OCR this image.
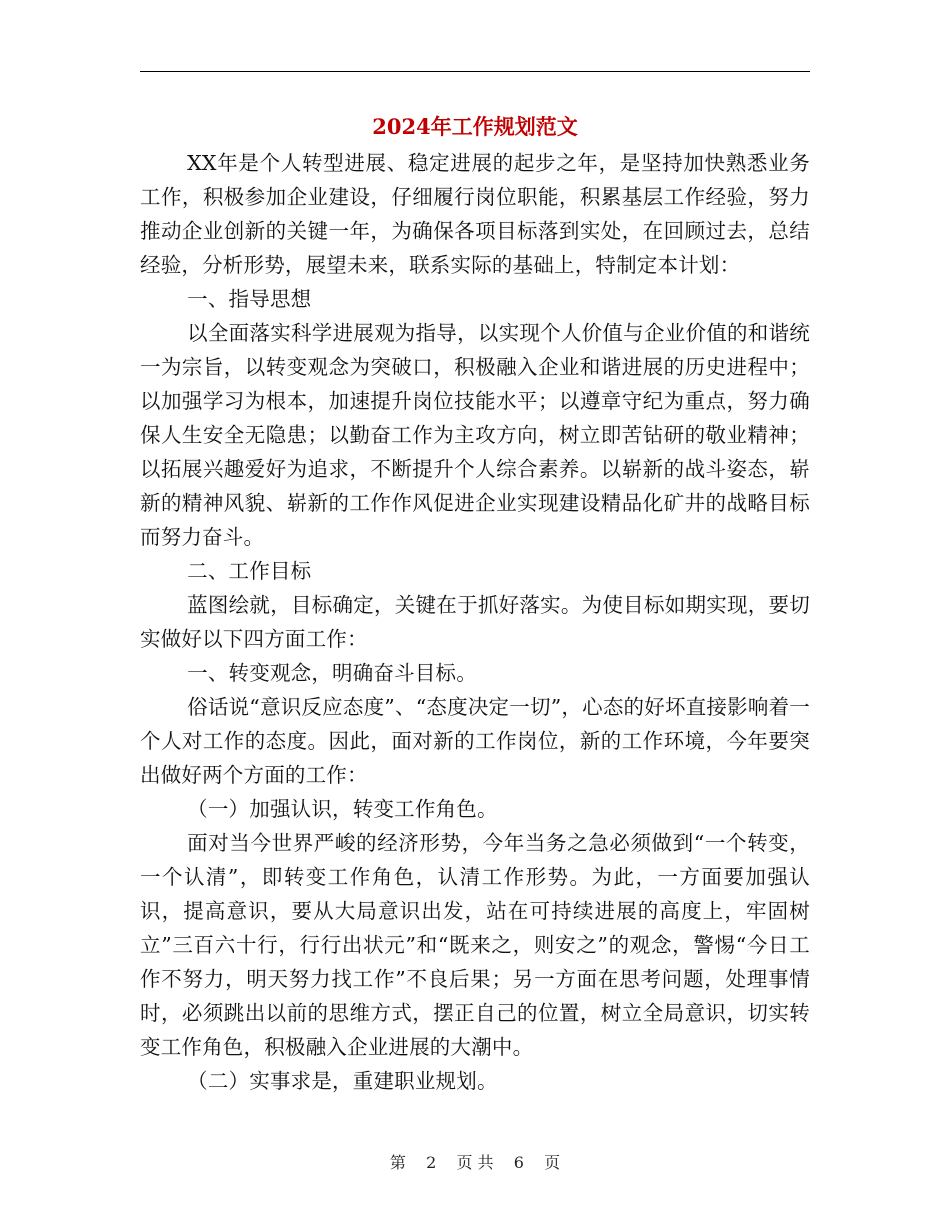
2024年工作规划范文

XX年是个人转型进展、稳定进展的起步之年，是坚持加快熟悉业务工作，积极参加企业建设，仔细履行岗位职能，积累基层工作经验，努力推动企业创新的关键一年，为确保各项目标落到实处，在回顾过去，总结经验，分析形势，展望未来，联系实际的基础上，特制定本计划：

一、指导思想

以全面落实科学进展观为指导，以实现个人价值与企业价值的和谐统一为宗旨，以转变观念为突破口，积极融入企业和谐进展的历史进程中；以加强学习为根本，加速提升岗位技能水平；以遵章守纪为重点，努力确保人生安全无隐患；以勤奋工作为主攻方向，树立即苦钻研的敬业精神；以拓展兴趣爱好为追求，不断提升个人综合素养。以崭新的战斗姿态，崭新的精神风貌、崭新的工作作风促进企业实现建设精品化矿井的战略目标而努力奋斗。

二、工作目标

蓝图绘就，目标确定，关键在于抓好落实。为使目标如期实现，要切实做好以下四方面工作：

一、转变观念，明确奋斗目标。

俗话说“意识反应态度”、“态度决定一切”，心态的好坏直接影响着一个人对工作的态度。因此，面对新的工作岗位，新的工作环境，今年要突出做好两个方面的工作：

（一）加强认识，转变工作角色。

面对当今世界严峻的经济形势，今年当务之急必须做到“一个转变，一个认清”，即转变工作角色，认清工作形势。为此，一方面要加强认识，提高意识，要从大局意识出发，站在可持续进展的高度上，牢固树立”三百六十行，行行出状元”和“既来之，则安之”的观念，警惕“今日工作不努力，明天努力找工作”不良后果；另一方面在思考问题，处理事情时，必须跳出以前的思维方式，摆正自己的位置，树立全局意识，切实转变工作角色，积极融入企业进展的大潮中。

（二）实事求是，重建职业规划。

第 2 页 共 6 页
